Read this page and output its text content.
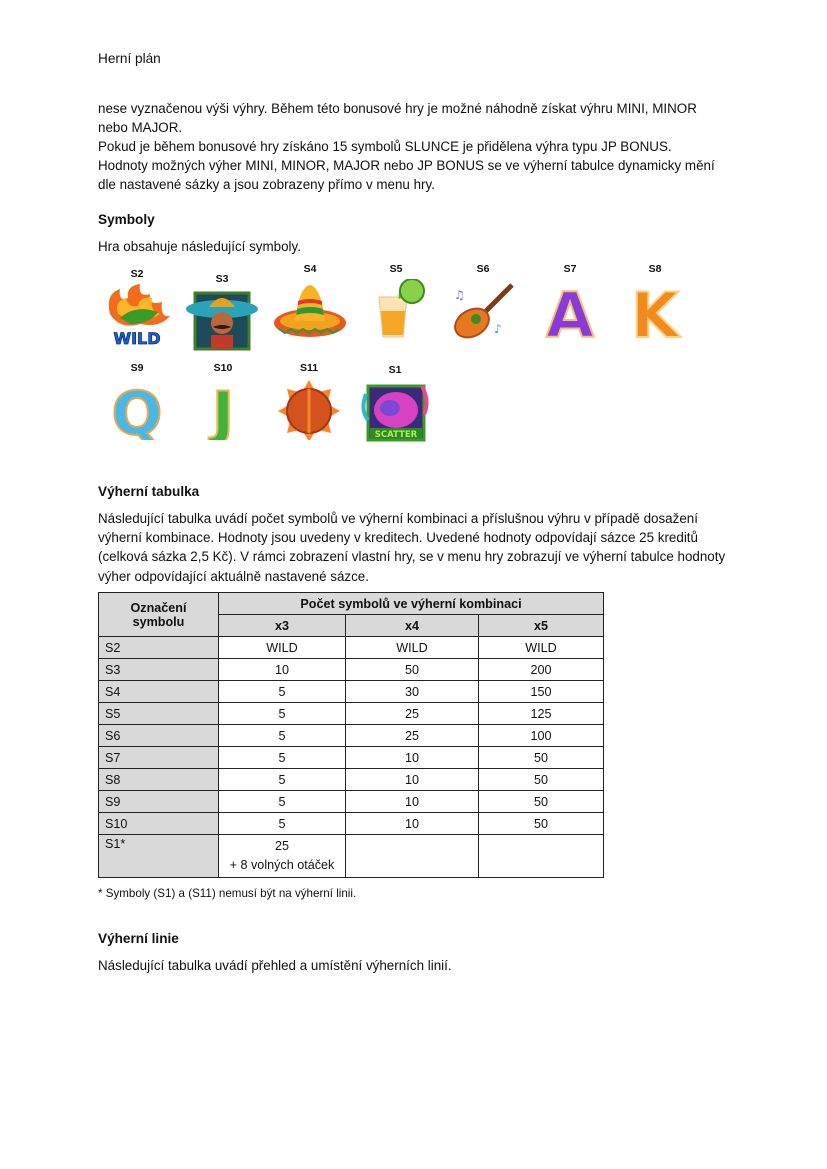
Herní plán
nese vyznačenou výši výhry. Během této bonusové hry je možné náhodně získat výhru MINI, MINOR nebo MAJOR.
Pokud je během bonusové hry získáno 15 symbolů SLUNCE je přidělena výhra typu JP BONUS.
Hodnoty možných výher MINI, MINOR, MAJOR nebo JP BONUS se ve výherní tabulce dynamicky mění dle nastavené sázky a jsou zobrazeny přímo v menu hry.
Symboly
Hra obsahuje následující symboly.
S2
WILD
S3
S4	S5	S6
♫
♪
S7
A
S8
K
S9
Q
S10
J
S11	S1
SCATTER
Výherní tabulka
Následující tabulka uvádí počet symbolů ve výherní kombinaci a příslušnou výhru v případě dosažení výherní kombinace. Hodnoty jsou uvedeny v kreditech. Uvedené hodnoty odpovídají sázce 25 kreditů (celková sázka 2,5 Kč). V rámci zobrazení vlastní hry, se v menu hry zobrazují ve výherní tabulce hodnoty výher odpovídající aktuálně nastavené sázce.
Označení symbolu	Počet symbolů ve výherní kombinaci		
	x3	x4	x5
S2	WILD	WILD	WILD
S3	10	50	200
S4	5	30	150
S5	5	25	125
S6	5	25	100
S7	5	10	50
S8	5	10	50
S9	5	10	50
S10	5	10	50
S1*	25
+ 8 volných otáček		

* Symboly (S1) a (S11) nemusí být na výherní linii.
Výherní linie
Následující tabulka uvádí přehled a umístění výherních linií.
